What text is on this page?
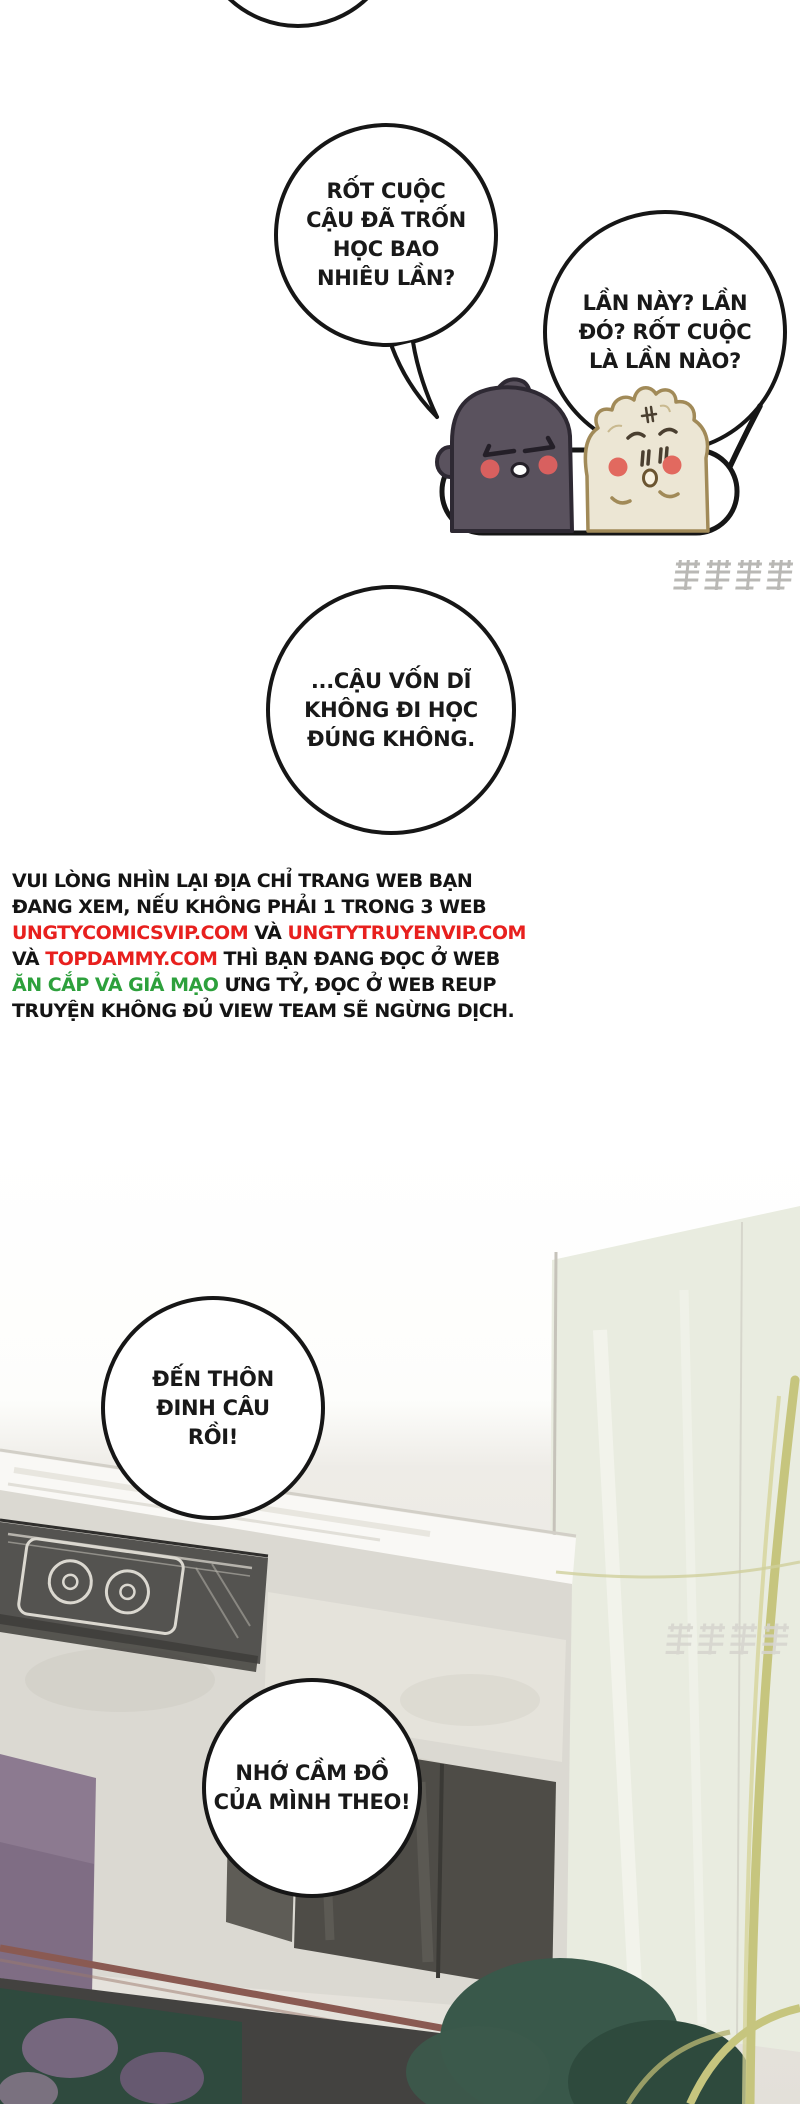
RỐT CUỘC
CẬU ĐÃ TRỐN
HỌC BAO
NHIÊU LẦN?
LẦN NÀY? LẦN
ĐÓ? RỐT CUỘC
LÀ LẦN NÀO?
...CẬU VỐN DĨ
KHÔNG ĐI HỌC
ĐÚNG KHÔNG.
VUI LÒNG NHÌN LẠI ĐỊA CHỈ TRANG WEB BẠN
ĐANG XEM, NẾU KHÔNG PHẢI 1 TRONG 3 WEB
UNGTYCOMICSVIP.COM VÀ UNGTYTRUYENVIP.COM
VÀ TOPDAMMY.COM THÌ BẠN ĐANG ĐỌC Ở WEB
ĂN CẮP VÀ GIẢ MẠO ƯNG TỶ, ĐỌC Ở WEB REUP
TRUYỆN KHÔNG ĐỦ VIEW TEAM SẼ NGỪNG DỊCH.
ĐẾN THÔN
ĐINH CÂU
RỒI!
NHỚ CẦM ĐỒ
CỦA MÌNH THEO!
